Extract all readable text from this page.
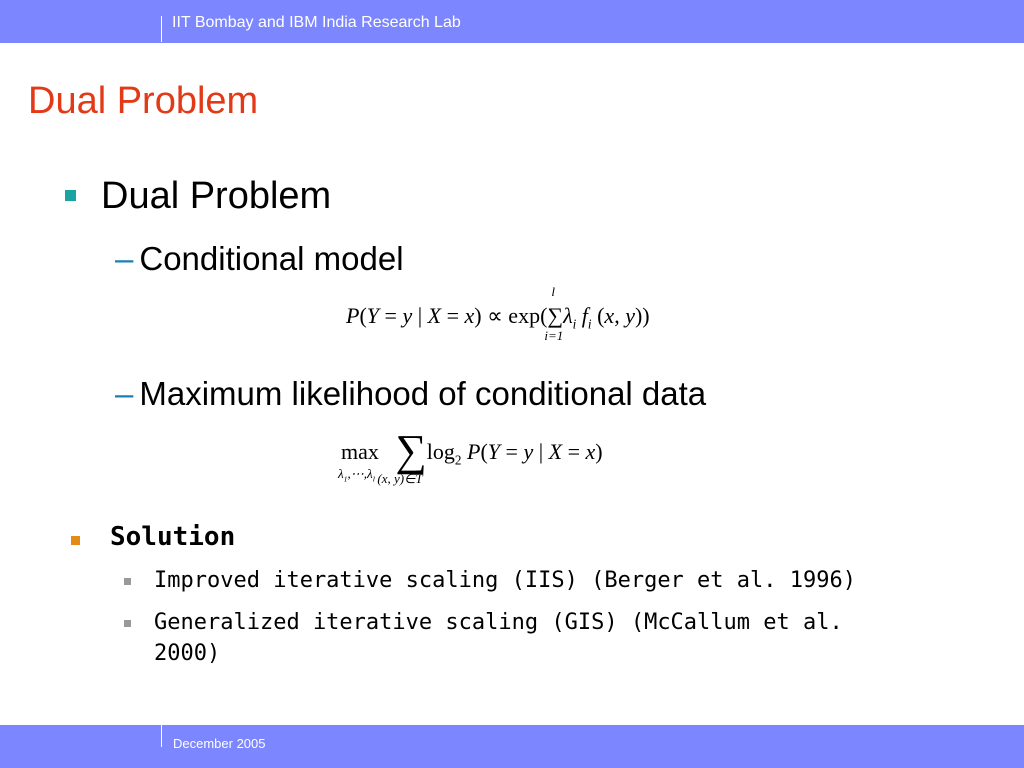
IIT Bombay and IBM India Research Lab
Dual Problem
Dual Problem
– Conditional model
P(Y = y | X = x) ∝ exp(∑
l
i=1
$\lambda_i$ $f_i$ (x, y))
– Maximum likelihood of conditional data
max
$\lambda_1,\cdots,\lambda_l$
∑
(x, y)∈T
$\log_2 P(Y = y$ | X = x)
Solution
Improved iterative scaling (IIS) (Berger et al. 1996)
Generalized iterative scaling (GIS) (McCallum et al. 2000)
December 2005
